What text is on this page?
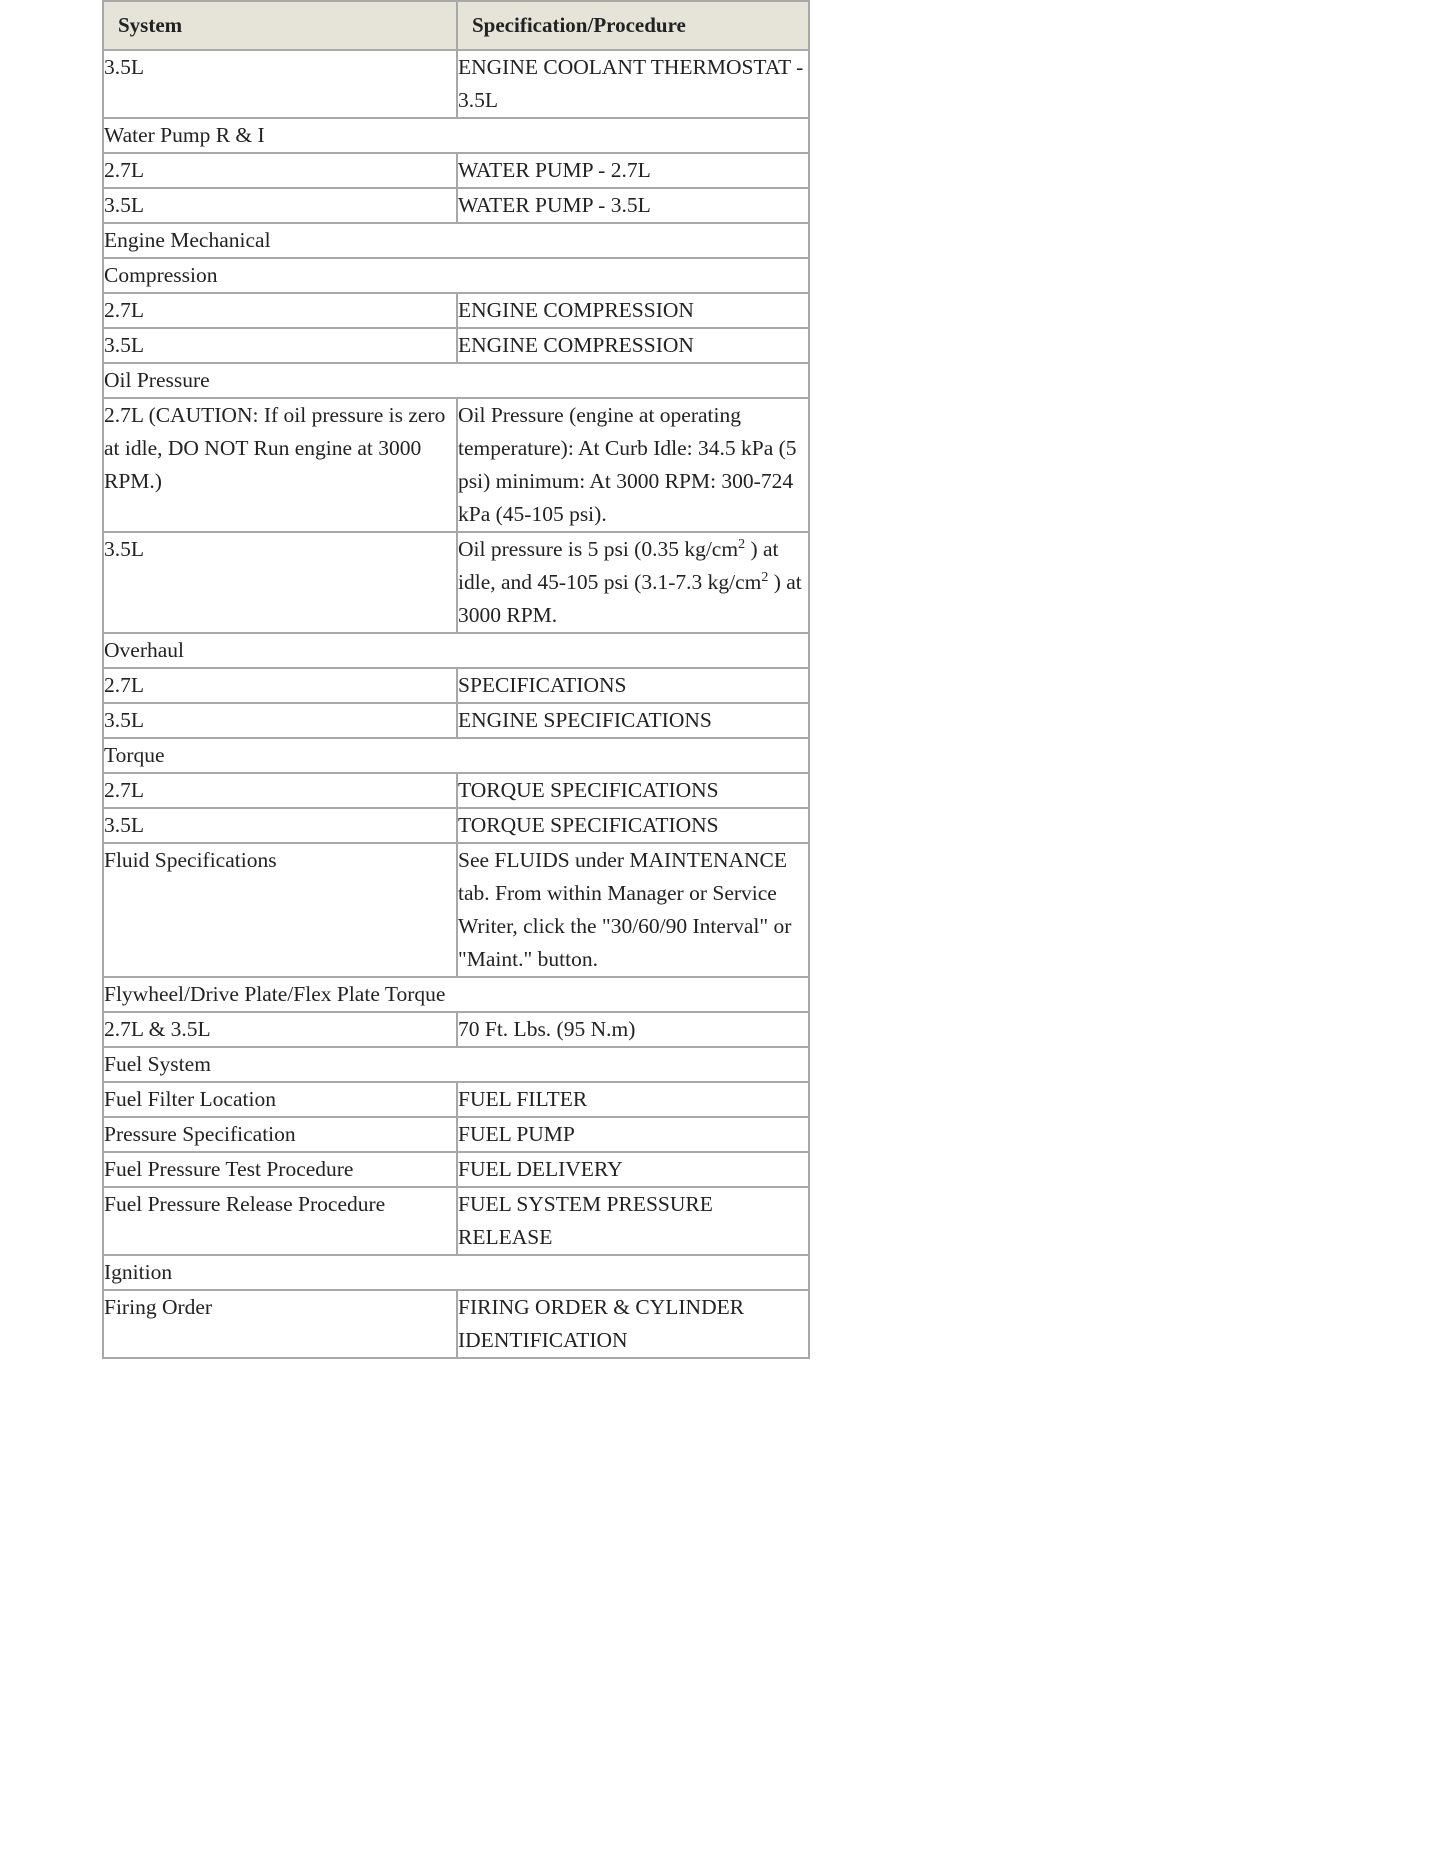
System	Specification/Procedure
3.5L	ENGINE COOLANT THERMOSTAT - 3.5L
Water Pump R & I	
2.7L	WATER PUMP - 2.7L
3.5L	WATER PUMP - 3.5L
Engine Mechanical	
Compression	
2.7L	ENGINE COMPRESSION
3.5L	ENGINE COMPRESSION
Oil Pressure	
2.7L (CAUTION: If oil pressure is zero at idle, DO NOT Run engine at 3000 RPM.)	Oil Pressure (engine at operating temperature): At Curb Idle: 34.5 kPa (5 psi) minimum: At 3000 RPM: 300-724 kPa (45-105 psi).
3.5L	Oil pressure is 5 psi (0.35 $kg/cm^2$ ) at idle, and 45-105 psi (3.1-7.3 $kg/cm^2$ ) at 3000 RPM.
Overhaul	
2.7L	SPECIFICATIONS
3.5L	ENGINE SPECIFICATIONS
Torque	
2.7L	TORQUE SPECIFICATIONS
3.5L	TORQUE SPECIFICATIONS
Fluid Specifications	See FLUIDS under MAINTENANCE tab. From within Manager or Service Writer, click the "30/60/90 Interval" or "Maint." button.
Flywheel/Drive Plate/Flex Plate Torque	
2.7L & 3.5L	70 Ft. Lbs. (95 N.m)
Fuel System	
Fuel Filter Location	FUEL FILTER
Pressure Specification	FUEL PUMP
Fuel Pressure Test Procedure	FUEL DELIVERY
Fuel Pressure Release Procedure	FUEL SYSTEM PRESSURE RELEASE
Ignition	
Firing Order	FIRING ORDER & CYLINDER IDENTIFICATION
